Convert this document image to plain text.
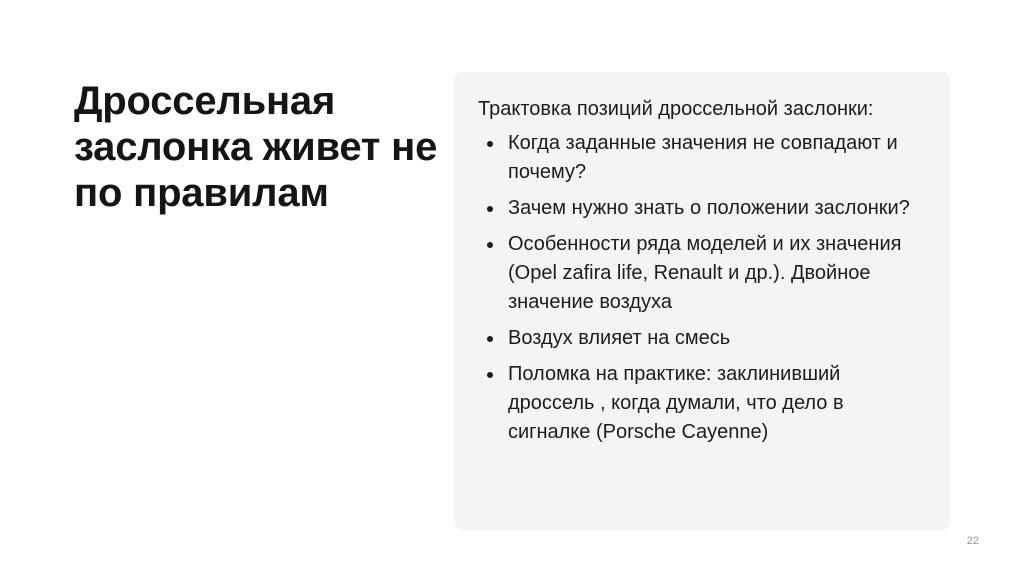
Дроссельная заслонка живет не по правилам

Трактовка позиций дроссельной заслонки:

Когда заданные значения не совпадают и почему?
Зачем нужно знать о положении заслонки?
Особенности ряда моделей и их значения (Opel zafira life, Renault и др.). Двойное значение воздуха
Воздух влияет на смесь
Поломка на практике: заклинивший дроссель , когда думали, что дело в сигналке (Porsche Cayenne)
22
